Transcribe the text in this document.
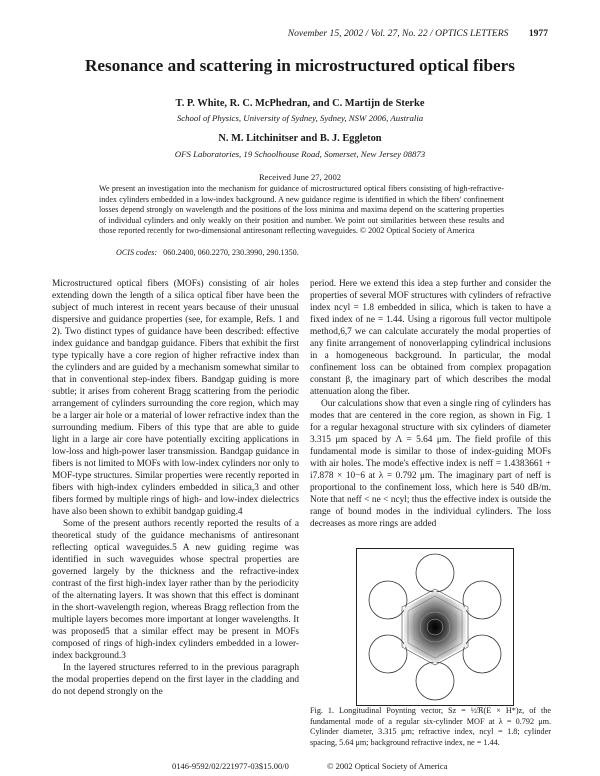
November 15, 2002 / Vol. 27, No. 22 / OPTICS LETTERS 1977
Resonance and scattering in microstructured optical fibers
T. P. White, R. C. McPhedran, and C. Martijn de Sterke
School of Physics, University of Sydney, Sydney, NSW 2006, Australia
N. M. Litchinitser and B. J. Eggleton
OFS Laboratories, 19 Schoolhouse Road, Somerset, New Jersey 08873
Received June 27, 2002

We present an investigation into the mechanism for guidance of microstructured optical fibers consisting of high-refractive-index cylinders embedded in a low-index background. A new guidance regime is identified in which the fibers' confinement losses depend strongly on wavelength and the positions of the loss minima and maxima depend on the scattering properties of individual cylinders and only weakly on their position and number. We point out similarities between these results and those reported recently for two-dimensional antiresonant reflecting waveguides. © 2002 Optical Society of America

OCIS codes: 060.2400, 060.2270, 230.3990, 290.1350.

Microstructured optical fibers (MOFs) consisting of air holes extending down the length of a silica optical fiber have been the subject of much interest in recent years because of their unusual dispersive and guidance properties (see, for example, Refs. 1 and 2). Two distinct types of guidance have been described: effective index guidance and bandgap guidance. Fibers that exhibit the first type typically have a core region of higher refractive index than the cylinders and are guided by a mechanism somewhat similar to that in conventional step-index fibers. Bandgap guiding is more subtle; it arises from coherent Bragg scattering from the periodic arrangement of cylinders surrounding the core region, which may be a larger air hole or a material of lower refractive index than the surrounding medium. Fibers of this type that are able to guide light in a large air core have potentially exciting applications in low-loss and high-power laser transmission. Bandgap guidance in fibers is not limited to MOFs with low-index cylinders nor only to MOF-type structures. Similar properties were recently reported in fibers with high-index cylinders embedded in silica,3 and other fibers formed by multiple rings of high- and low-index dielectrics have also been shown to exhibit bandgap guiding.4

Some of the present authors recently reported the results of a theoretical study of the guidance mechanisms of antiresonant reflecting optical waveguides.5 A new guiding regime was identified in such waveguides whose spectral properties are governed largely by the thickness and the refractive-index contrast of the first high-index layer rather than by the periodicity of the alternating layers. It was shown that this effect is dominant in the short-wavelength region, whereas Bragg reflection from the multiple layers becomes more important at longer wavelengths. It was proposed5 that a similar effect may be present in MOFs composed of rings of high-index cylinders embedded in a lower-index background.3

In the layered structures referred to in the previous paragraph the modal properties depend on the first layer in the cladding and do not depend strongly on the

period. Here we extend this idea a step further and consider the properties of several MOF structures with cylinders of refractive index ncyl = 1.8 embedded in silica, which is taken to have a fixed index of ne = 1.44. Using a rigorous full vector multipole method,6,7 we can calculate accurately the modal properties of any finite arrangement of nonoverlapping cylindrical inclusions in a homogeneous background. In particular, the modal confinement loss can be obtained from complex propagation constant β, the imaginary part of which describes the modal attenuation along the fiber.

Our calculations show that even a single ring of cylinders has modes that are centered in the core region, as shown in Fig. 1 for a regular hexagonal structure with six cylinders of diameter 3.315 μm spaced by Λ = 5.64 μm. The field profile of this fundamental mode is similar to those of index-guiding MOFs with air holes. The mode's effective index is neff = 1.4383661 + i7.878 × 10−6 at λ = 0.792 μm. The imaginary part of neff is proportional to the confinement loss, which here is 540 dB/m. Note that neff < ne < ncyl; thus the effective index is outside the range of bound modes in the individual cylinders. The loss decreases as more rings are added

Fig. 1. Longitudinal Poynting vector, Sz = ½ℜ(E × H*)z, of the fundamental mode of a regular six-cylinder MOF at λ = 0.792 μm. Cylinder diameter, 3.315 μm; refractive index, ncyl = 1.8; cylinder spacing, 5.64 μm; background refractive index, ne = 1.44.

0146-9592/02/221977-03$15.00/0	© 2002 Optical Society of America
